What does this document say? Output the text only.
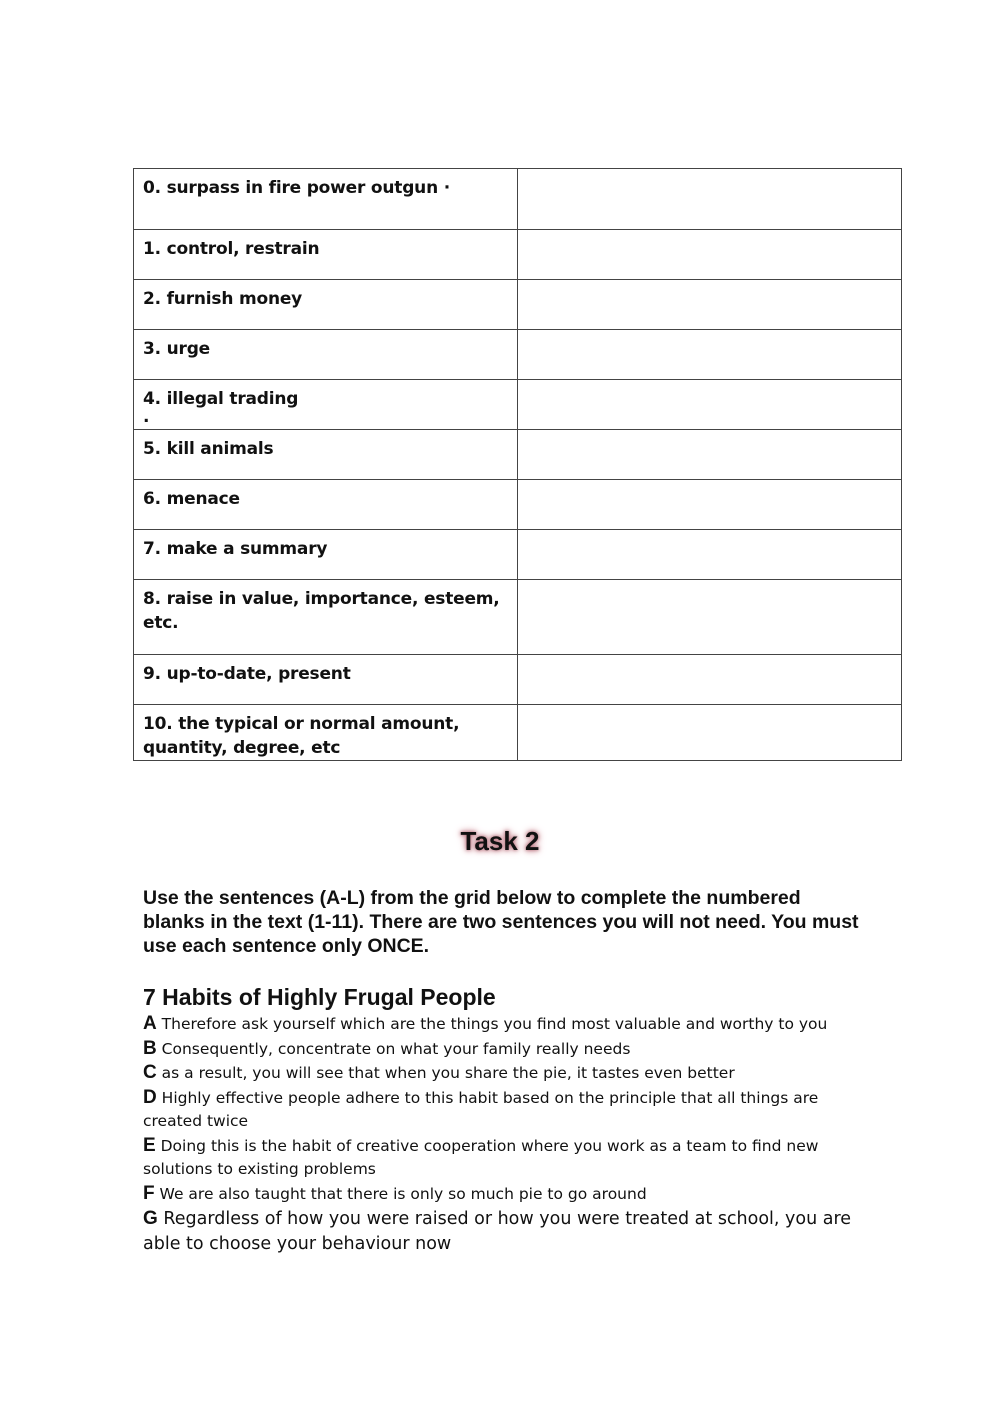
0. surpass in fire power outgun ·	

1. control, restrain	

2. furnish money	

3. urge	

4. illegal trading
.	

5. kill animals	

6. menace	

7. make a summary	

8. raise in value, importance, esteem, etc.	

9. up-to-date, present	

10. the typical or normal amount, quantity, degree, etc	

Task 2
Use the sentences (A-L) from the grid below to complete the numbered blanks in the text (1-11). There are two sentences you will not need. You must use each sentence only ONCE.
7 Habits of Highly Frugal People
A Therefore ask yourself which are the things you find most valuable and worthy to you
B Consequently, concentrate on what your family really needs
C as a result, you will see that when you share the pie, it tastes even better
D Highly effective people adhere to this habit based on the principle that all things are created twice
E Doing this is the habit of creative cooperation where you work as a team to find new solutions to existing problems
F We are also taught that there is only so much pie to go around
G Regardless of how you were raised or how you were treated at school, you are able to choose your behaviour now
